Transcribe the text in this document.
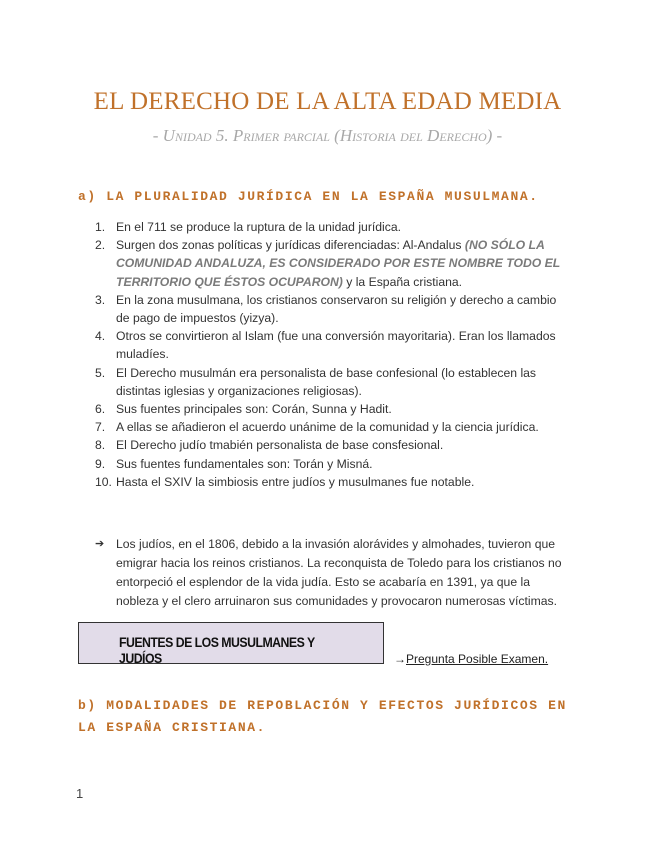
EL DERECHO DE LA ALTA EDAD MEDIA
- Unidad 5. Primer parcial (Historia del Derecho) -
a) LA PLURALIDAD JURÍDICA EN LA ESPAÑA MUSULMANA.
1. En el 711 se produce la ruptura de la unidad jurídica.
2. Surgen dos zonas políticas y jurídicas diferenciadas: Al-Andalus (NO SÓLO LA COMUNIDAD ANDALUZA, ES CONSIDERADO POR ESTE NOMBRE TODO EL TERRITORIO QUE ÉSTOS OCUPARON) y la España cristiana.
3. En la zona musulmana, los cristianos conservaron su religión y derecho a cambio de pago de impuestos (yizya).
4. Otros se convirtieron al Islam (fue una conversión mayoritaria). Eran los llamados muladíes.
5. El Derecho musulmán era personalista de base confesional (lo establecen las distintas iglesias y organizaciones religiosas).
6. Sus fuentes principales son: Corán, Sunna y Hadit.
7. A ellas se añadieron el acuerdo unánime de la comunidad y la ciencia jurídica.
8. El Derecho judío tmabién personalista de base consfesional.
9. Sus fuentes fundamentales son: Torán y Misná.
10. Hasta el SXIV la simbiosis entre judíos y musulmanes fue notable.
➔ Los judíos, en el 1806, debido a la invasión alorávides y almohades, tuvieron que emigrar hacia los reinos cristianos. La reconquista de Toledo para los cristianos no entorpeció el esplendor de la vida judía. Esto se acabaría en 1391, ya que la nobleza y el clero arruinaron sus comunidades y provocaron numerosas víctimas.
FUENTES DE LOS MUSULMANES Y JUDÍOS	→Pregunta Posible Examen.
b) MODALIDADES DE REPOBLACIÓN Y EFECTOS JURÍDICOS EN LA ESPAÑA CRISTIANA.
1
